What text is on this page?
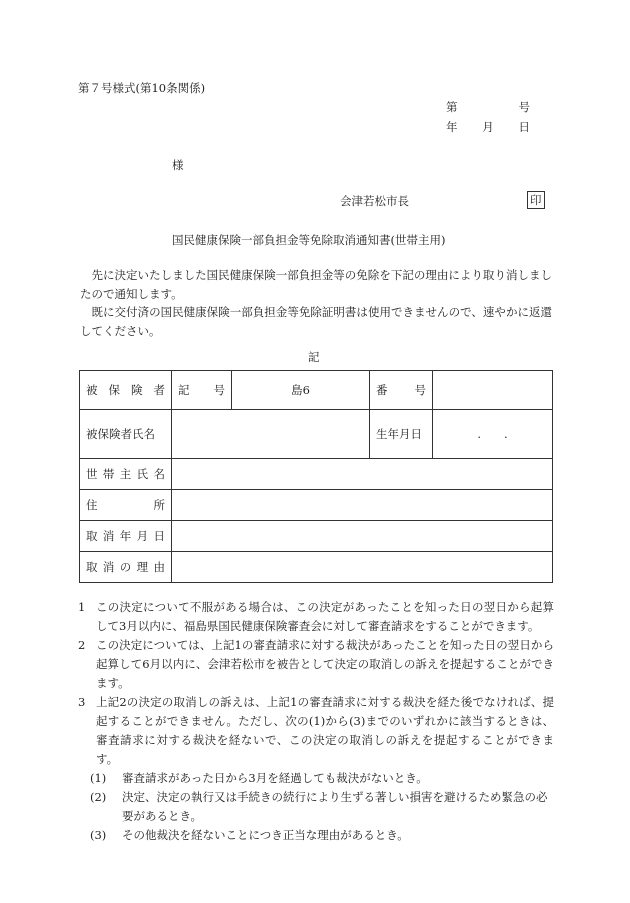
第７号様式(第10条関係)
第	号
年 月 日
様
会津若松市長	印
国民健康保険一部負担金等免除取消通知書(世帯主用)
先に決定いたしました国民健康保険一部負担金等の免除を下記の理由により取り消しましたので通知します。
既に交付済の国民健康保険一部負担金等免除証明書は使用できませんので、速やかに返還してください。
記
被 保 険 者	記 号	島6	番 号	

被保険者氏名			生年月日	.　　.

世 帯 主 氏 名				

住 所				

取 消 年 月 日				

取 消 の 理 由				

1 この決定について不服がある場合は、この決定があったことを知った日の翌日から起算して3月以内に、福島県国民健康保険審査会に対して審査請求をすることができます。
2 この決定については、上記1の審査請求に対する裁決があったことを知った日の翌日から起算して6月以内に、会津若松市を被告として決定の取消しの訴えを提起することができます。
3 上記2の決定の取消しの訴えは、上記1の審査請求に対する裁決を経た後でなければ、提起することができません。ただし、次の(1)から(3)までのいずれかに該当するときは、審査請求に対する裁決を経ないで、この決定の取消しの訴えを提起することができます。
(1)	審査請求があった日から3月を経過しても裁決がないとき。
(2)	決定、決定の執行又は手続きの続行により生ずる著しい損害を避けるため緊急の必要があるとき。
(3)	その他裁決を経ないことにつき正当な理由があるとき。
